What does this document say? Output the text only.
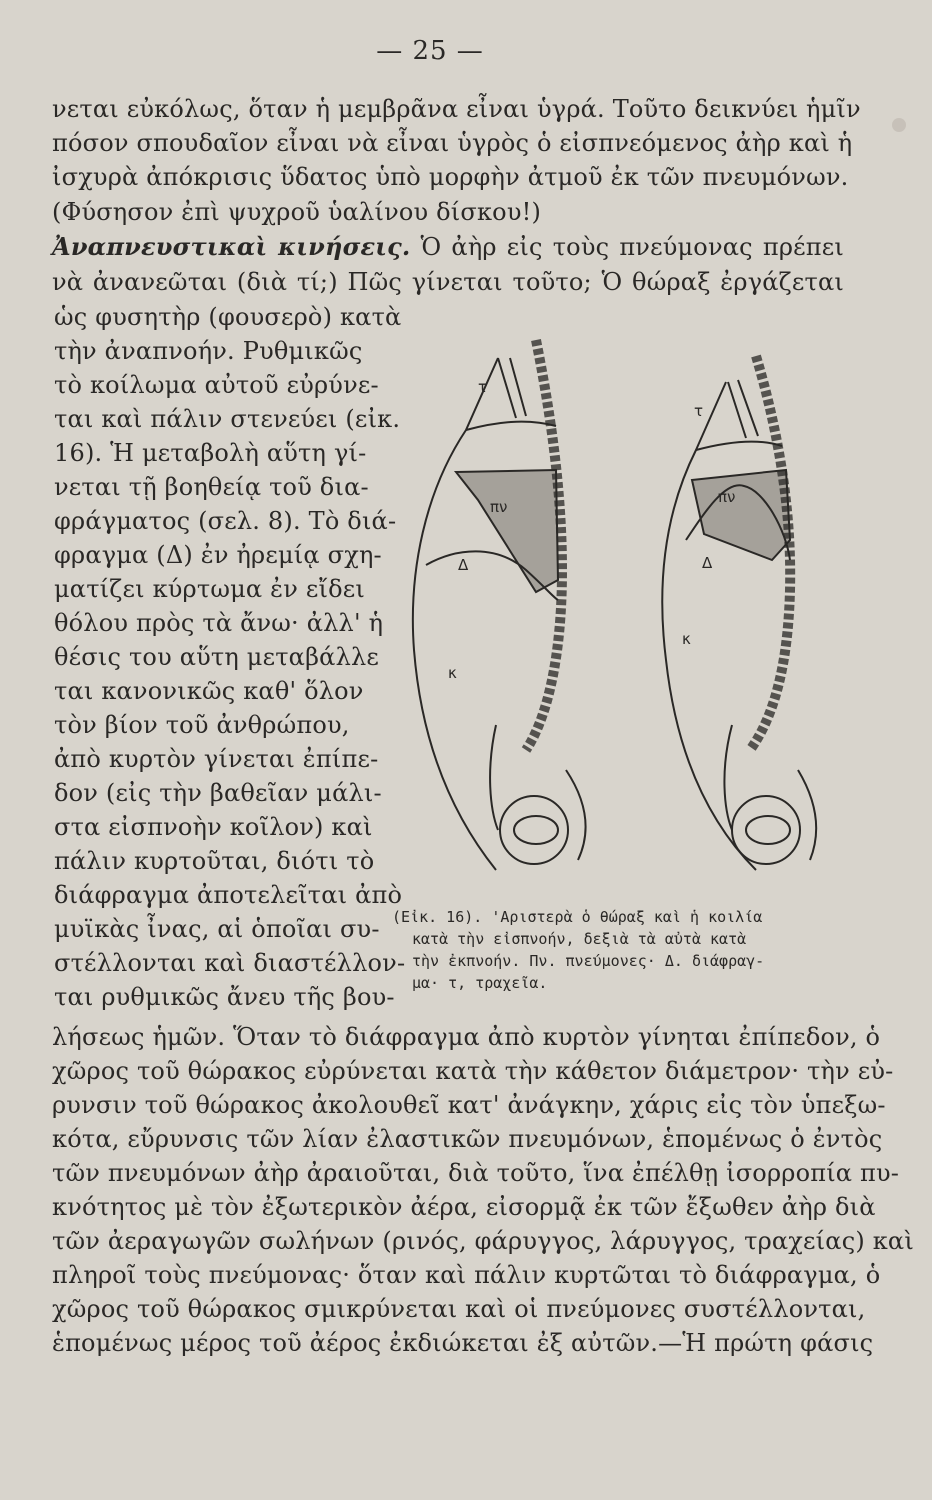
— 25 —
νεται εὐκόλως, ὅταν ἡ μεμβρᾶνα εἶναι ὑγρά. Τοῦτο δεικνύει ἡμῖν
πόσον σπουδαῖον εἶναι νὰ εἶναι ὑγρὸς ὁ εἰσπνεόμενος ἀὴρ καὶ ἡ
ἰσχυρὰ ἀπόκρισις ὕδατος ὑπὸ μορφὴν ἀτμοῦ ἐκ τῶν πνευμόνων.
(Φύσησον ἐπὶ ψυχροῦ ὑαλίνου δίσκου!)
Ἀναπνευστικαὶ κινήσεις. Ὁ ἀὴρ εἰς τοὺς πνεύμονας πρέπει
νὰ ἀνανεῶται (διὰ τί;) Πῶς γίνεται τοῦτο; Ὁ θώραξ ἐργάζεται
ὡς φυσητὴρ (φουσερὸ) κατὰ
τὴν ἀναπνοήν. Ρυθμικῶς
τὸ κοίλωμα αὐτοῦ εὐρύνε-
ται καὶ πάλιν στενεύει (εἰκ.
16). Ἡ μεταβολὴ αὕτη γί-
νεται τῇ βοηθείᾳ τοῦ δια-
φράγματος (σελ. 8). Τὸ διά-
φραγμα (Δ) ἐν ἠρεμίᾳ σχη-
ματίζει κύρτωμα ἐν εἴδει
θόλου πρὸς τὰ ἄνω· ἀλλ' ἡ
θέσις του αὕτη μεταβάλλε
ται κανονικῶς καθ' ὅλον
τὸν βίον τοῦ ἀνθρώπου,
ἀπὸ κυρτὸν γίνεται ἐπίπε-
δον (εἰς τὴν βαθεῖαν μάλι-
στα εἰσπνοὴν κοῖλον) καὶ
πάλιν κυρτοῦται, διότι τὸ
διάφραγμα ἀποτελεῖται ἀπὸ
μυϊκὰς ἶνας, αἱ ὁποῖαι συ-
στέλλονται καὶ διαστέλλον-
ται ρυθμικῶς ἄνευ τῆς βου-
τ
πν
Δ
κ
τ
πν
Δ
κ
(Εἰκ. 16). 'Αριστερὰ ὁ θώραξ καὶ ἡ κοιλία
κατὰ τὴν εἰσπνοήν, δεξιὰ τὰ αὐτὰ κατὰ
τὴν ἐκπνοήν. Πν. πνεύμονες· Δ. διάφραγ-
μα· τ, τραχεῖα.
λήσεως ἡμῶν. Ὅταν τὸ διάφραγμα ἀπὸ κυρτὸν γίνηται ἐπίπεδον, ὁ
χῶρος τοῦ θώρακος εὐρύνεται κατὰ τὴν κάθετον διάμετρον· τὴν εὐ-
ρυνσιν τοῦ θώρακος ἀκολουθεῖ κατ' ἀνάγκην, χάρις εἰς τὸν ὑπεξω-
κότα, εὔρυνσις τῶν λίαν ἐλαστικῶν πνευμόνων, ἑπομένως ὁ ἐντὸς
τῶν πνευμόνων ἀὴρ ἀραιοῦται, διὰ τοῦτο, ἵνα ἐπέλθῃ ἰσορροπία πυ-
κνότητος μὲ τὸν ἐξωτερικὸν ἀέρα, εἰσορμᾷ ἐκ τῶν ἔξωθεν ἀὴρ διὰ
τῶν ἀεραγωγῶν σωλήνων (ρινός, φάρυγγος, λάρυγγος, τραχείας) καὶ
πληροῖ τοὺς πνεύμονας· ὅταν καὶ πάλιν κυρτῶται τὸ διάφραγμα, ὁ
χῶρος τοῦ θώρακος σμικρύνεται καὶ οἱ πνεύμονες συστέλλονται,
ἑπομένως μέρος τοῦ ἀέρος ἐκδιώκεται ἐξ αὐτῶν.—Ἡ πρώτη φάσις
